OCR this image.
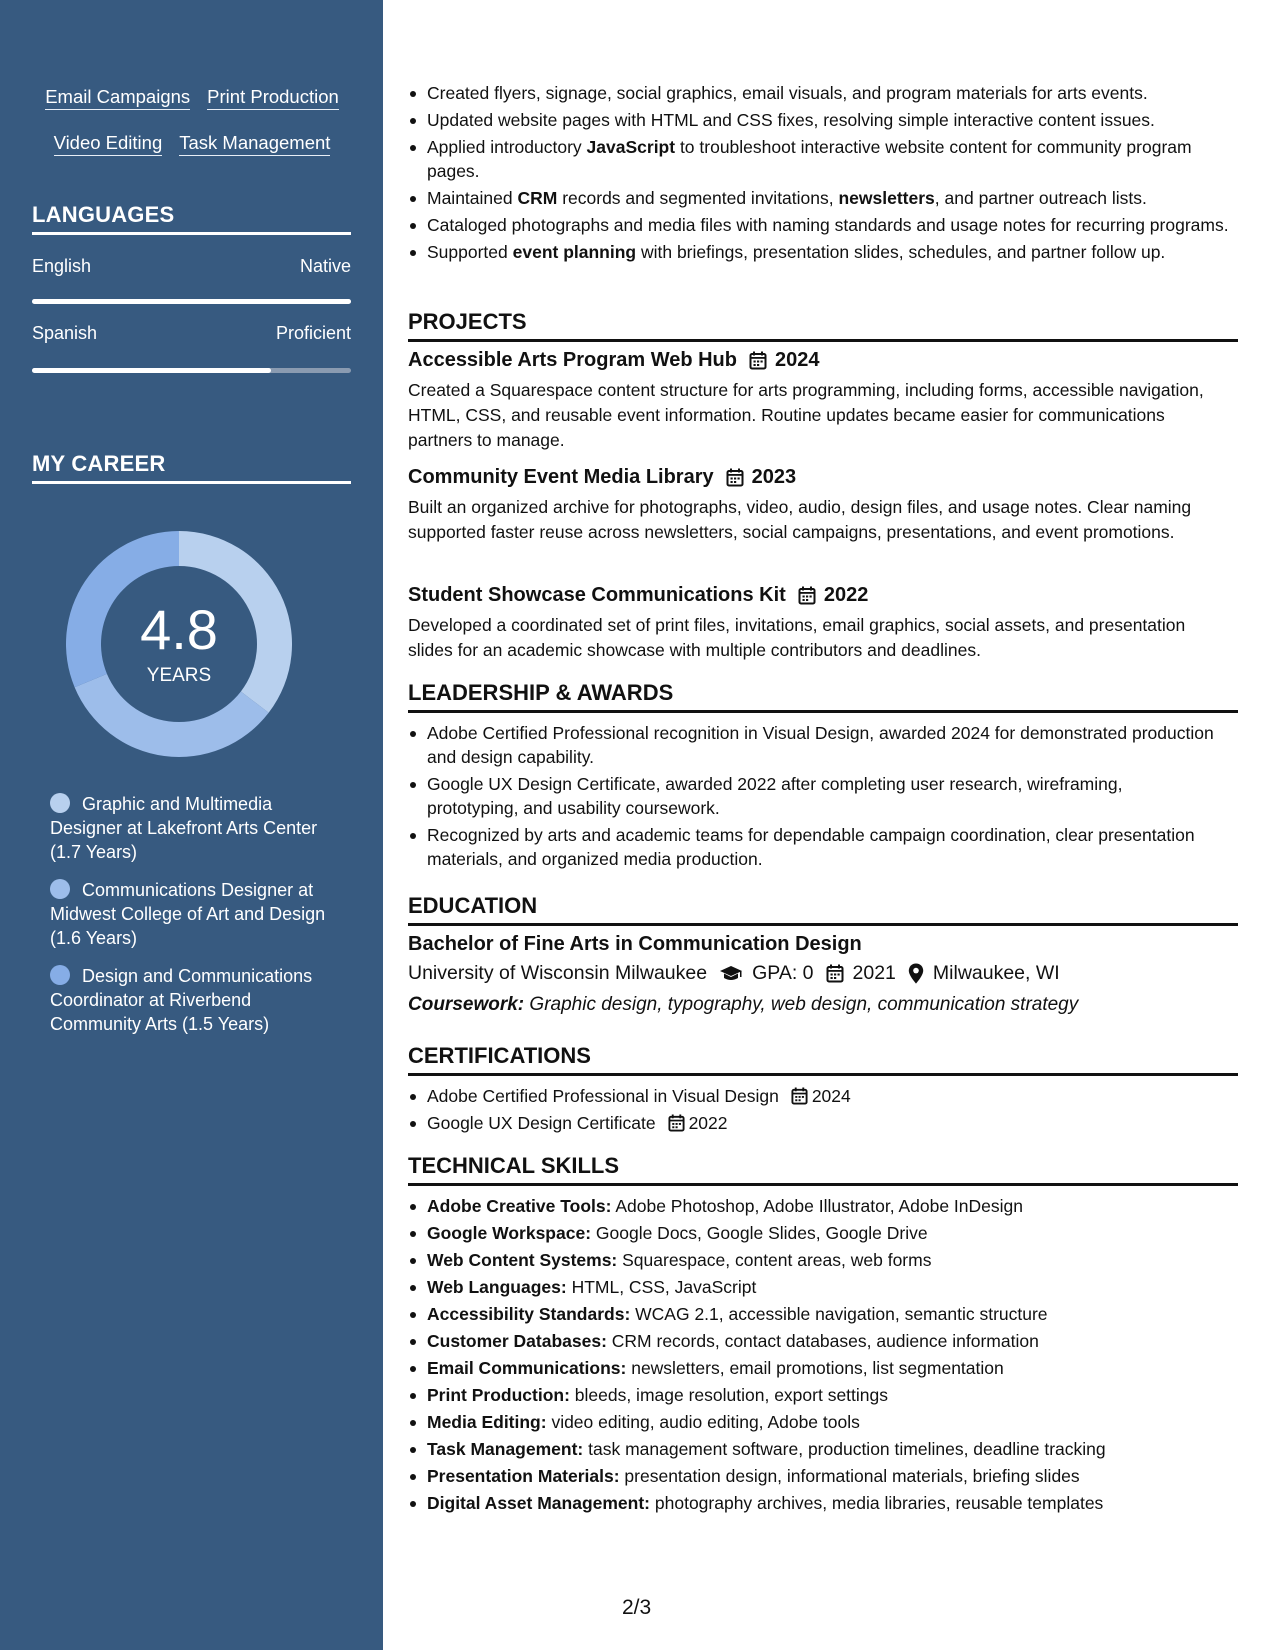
Email Campaigns Print Production
Video Editing Task Management
LANGUAGES
English	Native
Spanish	Proficient
MY CAREER
4.8
YEARS
Graphic and Multimedia Designer at Lakefront Arts Center (1.7 Years)
Communications Designer at Midwest College of Art and Design (1.6 Years)
Design and Communications Coordinator at Riverbend Community Arts (1.5 Years)
Created flyers, signage, social graphics, email visuals, and program materials for arts events.
Updated website pages with HTML and CSS fixes, resolving simple interactive content issues.
Applied introductory JavaScript to troubleshoot interactive website content for community program pages.
Maintained CRM records and segmented invitations, newsletters, and partner outreach lists.
Cataloged photographs and media files with naming standards and usage notes for recurring programs.
Supported event planning with briefings, presentation slides, schedules, and partner follow up.
PROJECTS
Accessible Arts Program Web Hub 2024
Created a Squarespace content structure for arts programming, including forms, accessible navigation, HTML, CSS, and reusable event information. Routine updates became easier for communications partners to manage.
Community Event Media Library 2023
Built an organized archive for photographs, video, audio, design files, and usage notes. Clear naming supported faster reuse across newsletters, social campaigns, presentations, and event promotions.
Student Showcase Communications Kit 2022
Developed a coordinated set of print files, invitations, email graphics, social assets, and presentation slides for an academic showcase with multiple contributors and deadlines.
LEADERSHIP & AWARDS
Adobe Certified Professional recognition in Visual Design, awarded 2024 for demonstrated production and design capability.
Google UX Design Certificate, awarded 2022 after completing user research, wireframing, prototyping, and usability coursework.
Recognized by arts and academic teams for dependable campaign coordination, clear presentation materials, and organized media production.
EDUCATION
Bachelor of Fine Arts in Communication Design
University of Wisconsin Milwaukee GPA: 0 2021 Milwaukee, WI
Coursework: Graphic design, typography, web design, communication strategy
CERTIFICATIONS
Adobe Certified Professional in Visual Design 2024
Google UX Design Certificate 2022
TECHNICAL SKILLS
Adobe Creative Tools: Adobe Photoshop, Adobe Illustrator, Adobe InDesign
Google Workspace: Google Docs, Google Slides, Google Drive
Web Content Systems: Squarespace, content areas, web forms
Web Languages: HTML, CSS, JavaScript
Accessibility Standards: WCAG 2.1, accessible navigation, semantic structure
Customer Databases: CRM records, contact databases, audience information
Email Communications: newsletters, email promotions, list segmentation
Print Production: bleeds, image resolution, export settings
Media Editing: video editing, audio editing, Adobe tools
Task Management: task management software, production timelines, deadline tracking
Presentation Materials: presentation design, informational materials, briefing slides
Digital Asset Management: photography archives, media libraries, reusable templates
2/3
